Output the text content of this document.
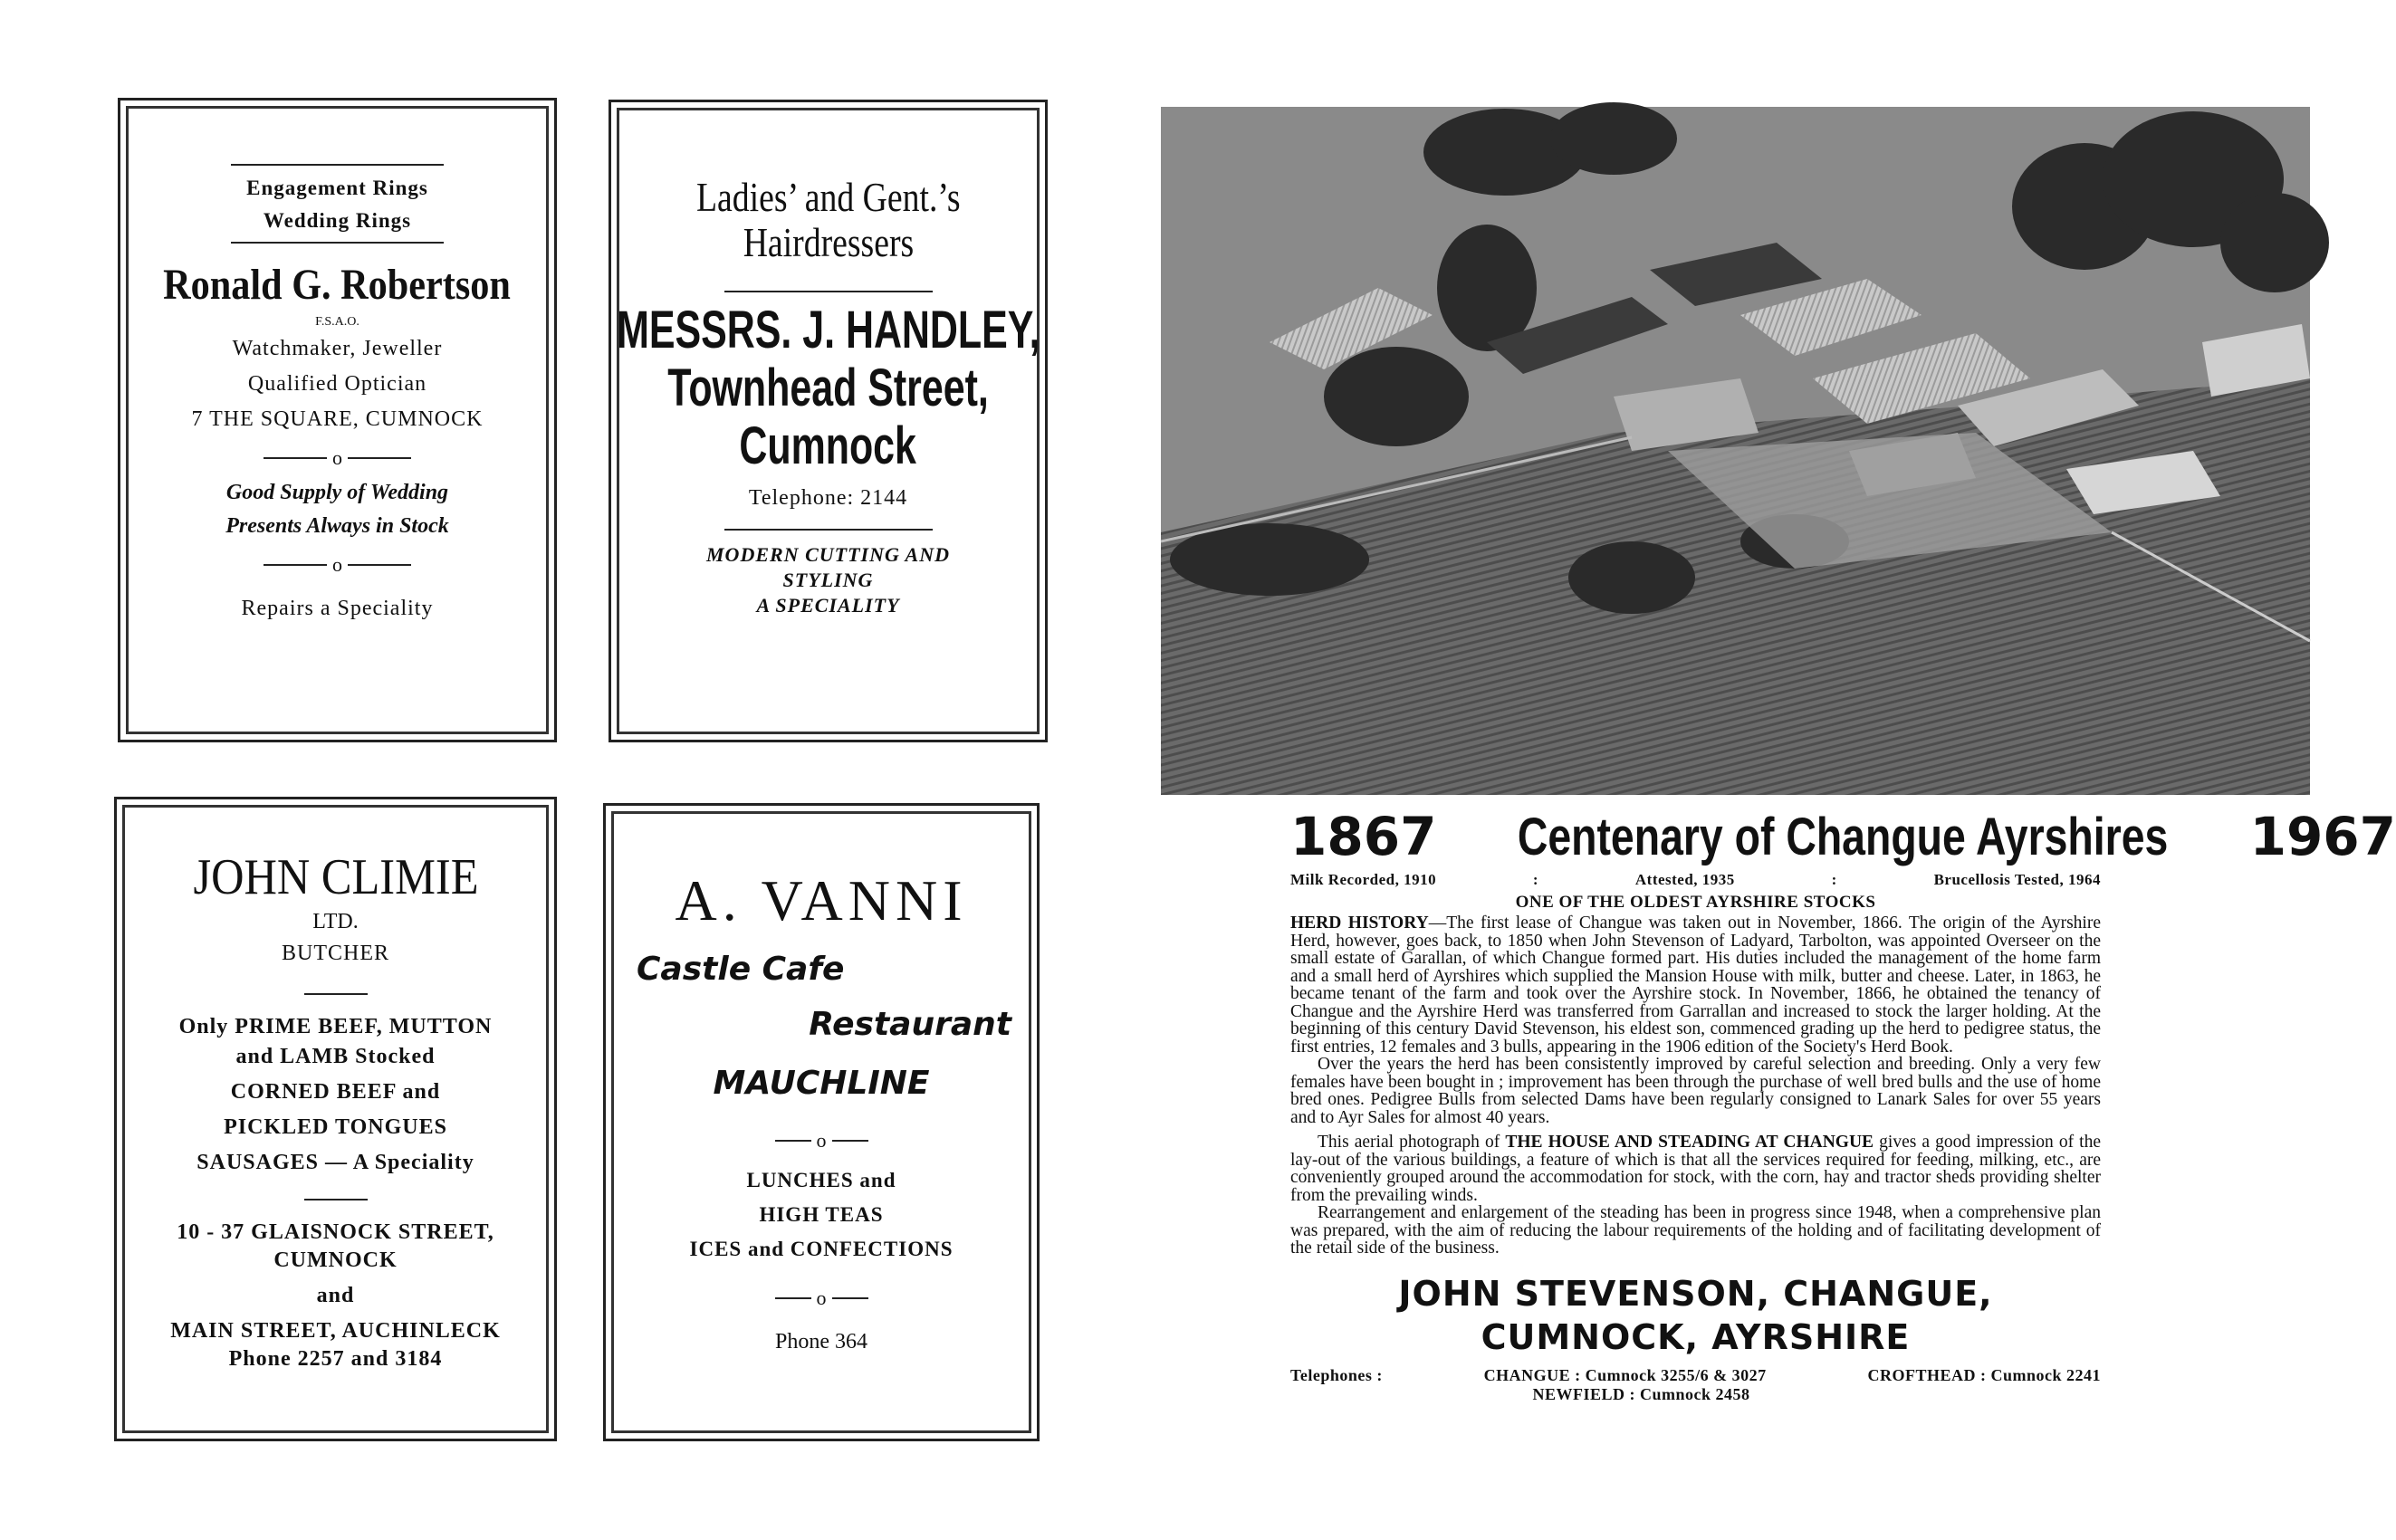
Engagement Rings
Wedding Rings
Ronald G. Robertson
F.S.A.O.
Watchmaker, Jeweller
Qualified Optician
7 THE SQUARE, CUMNOCK
o
Good Supply of Wedding
Presents Always in Stock
o
Repairs a Speciality
Ladies’ and Gent.’s
Hairdressers
MESSRS. J. HANDLEY,
Townhead Street,
Cumnock
Telephone: 2144
MODERN CUTTING AND
STYLING
A SPECIALITY
JOHN CLIMIE
LTD.
BUTCHER
Only PRIME BEEF, MUTTON
and LAMB Stocked
CORNED BEEF and
PICKLED TONGUES
SAUSAGES — A Speciality
10 - 37 GLAISNOCK STREET,
CUMNOCK
and
MAIN STREET, AUCHINLECK
Phone 2257 and 3184
A. VANNI
Castle Cafe
Restaurant
MAUCHLINE
o
LUNCHES and
HIGH TEAS
ICES and CONFECTIONS
o
Phone 364
1867 Centenary of Changue Ayrshires 1967
Milk Recorded, 1910	:	Attested, 1935	:	Brucellosis Tested, 1964
ONE OF THE OLDEST AYRSHIRE STOCKS

HERD HISTORY—The first lease of Changue was taken out in November, 1866. The origin of the Ayrshire Herd, however, goes back, to 1850 when John Stevenson of Ladyard, Tarbolton, was appointed Overseer on the small estate of Garallan, of which Changue formed part. His duties included the management of the home farm and a small herd of Ayrshires which supplied the Mansion House with milk, butter and cheese. Later, in 1863, he became tenant of the farm and took over the Ayrshire stock. In November, 1866, he obtained the tenancy of Changue and the Ayrshire Herd was transferred from Garrallan and increased to stock the larger holding. At the beginning of this century David Stevenson, his eldest son, commenced grading up the herd to pedigree status, the first entries, 12 females and 3 bulls, appearing in the 1906 edition of the Society's Herd Book.

Over the years the herd has been consistently improved by careful selection and breeding. Only a very few females have been bought in ; improvement has been through the purchase of well bred bulls and the use of home bred ones. Pedigree Bulls from selected Dams have been regularly consigned to Lanark Sales for over 55 years and to Ayr Sales for almost 40 years.

This aerial photograph of THE HOUSE AND STEADING AT CHANGUE gives a good impression of the lay-out of the various buildings, a feature of which is that all the services required for feeding, milking, etc., are conveniently grouped around the accommodation for stock, with the corn, hay and tractor sheds providing shelter from the prevailing winds.

Rearrangement and enlargement of the steading has been in progress since 1948, when a comprehensive plan was prepared, with the aim of reducing the labour requirements of the holding and of facilitating development of the retail side of the business.

JOHN STEVENSON, CHANGUE,
CUMNOCK, AYRSHIRE
Telephones :	CHANGUE : Cumnock 3255/6 & 3027	CROFTHEAD : Cumnock 2241
NEWFIELD : Cumnock 2458
